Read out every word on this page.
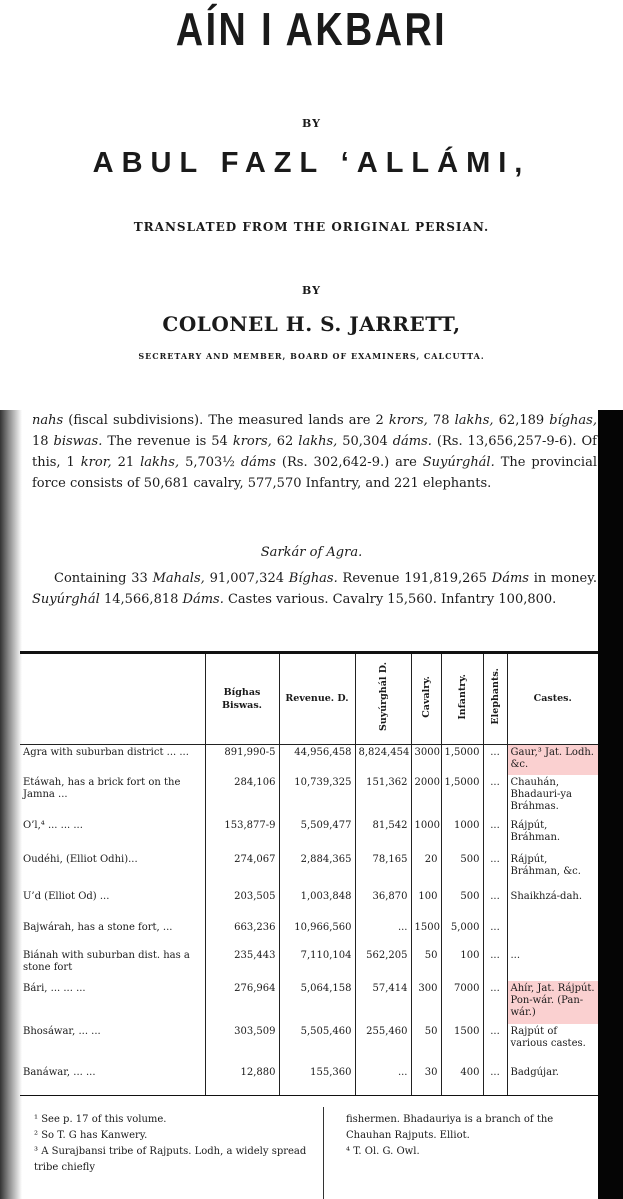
AÍN I AKBARI
BY
ABUL FAZL ‘ALLÁMI,
TRANSLATED FROM THE ORIGINAL PERSIAN.
BY
COLONEL H. S. JARRETT,
SECRETARY AND MEMBER, BOARD OF EXAMINERS, CALCUTTA.

nahs (fiscal subdivisions). The measured lands are 2 krors, 78 lakhs, 62,189 bíghas, 18 biswas. The revenue is 54 krors, 62 lakhs, 50,304 dáms. (Rs. 13,656,257-9-6). Of this, 1 kror, 21 lakhs, 5,703½ dáms (Rs. 302,642-9.) are Suyúrghál. The provincial force consists of 50,681 cavalry, 577,570 Infantry, and 221 elephants.

Sarkár of Agra.

Containing 33 Mahals, 91,007,324 Bíghas. Revenue 191,819,265 Dáms in money. Suyúrghál 14,566,818 Dáms. Castes various. Cavalry 15,560. Infantry 100,800.

	Bíghas Biswas.	Revenue. D.	Suyúrghál D.	Cavalry.	Infantry.	Elephants.	Castes.
Agra with suburban district ... ...	891,990-5	44,956,458	8,824,454	3000	1,5000	...	Gaur,³ Jat. Lodh. &c.
Etáwah, has a brick fort on the Jamna ...	284,106	10,739,325	151,362	2000	1,5000	...	Chauhán, Bhadauri-ya Bráhmas.
O’l,⁴ ... ... ...	153,877-9	5,509,477	81,542	1000	1000	...	Rájpút, Bráhman.
Oudéhi, (Elliot Odhi)...	274,067	2,884,365	78,165	20	500	...	Rájpút, Bráhman, &c.
U’d (Elliot Od) ...	203,505	1,003,848	36,870	100	500	...	Shaikhzá-dah.
Bajwárah, has a stone fort, ...	663,236	10,966,560	...	1500	5,000	...	
Biánah with suburban dist. has a stone fort	235,443	7,110,104	562,205	50	100	...	...
Bári, ... ... ...	276,964	5,064,158	57,414	300	7000	...	Ahír, Jat. Rájpút. Pon-wár. (Pan-wár.)
Bhosáwar, ... ...	303,509	5,505,460	255,460	50	1500	...	Rajpút of various castes.
Banáwar, ... ...	12,880	155,360	...	30	400	...	Badgújar.
¹ See p. 17 of this volume.
² So T. G has Kanwery.
³ A Surajbansi tribe of Rajputs. Lodh, a widely spread tribe chiefly
fishermen. Bhadauriya is a branch of the Chauhan Rajputs. Elliot.
⁴ T. Ol. G. Owl.
